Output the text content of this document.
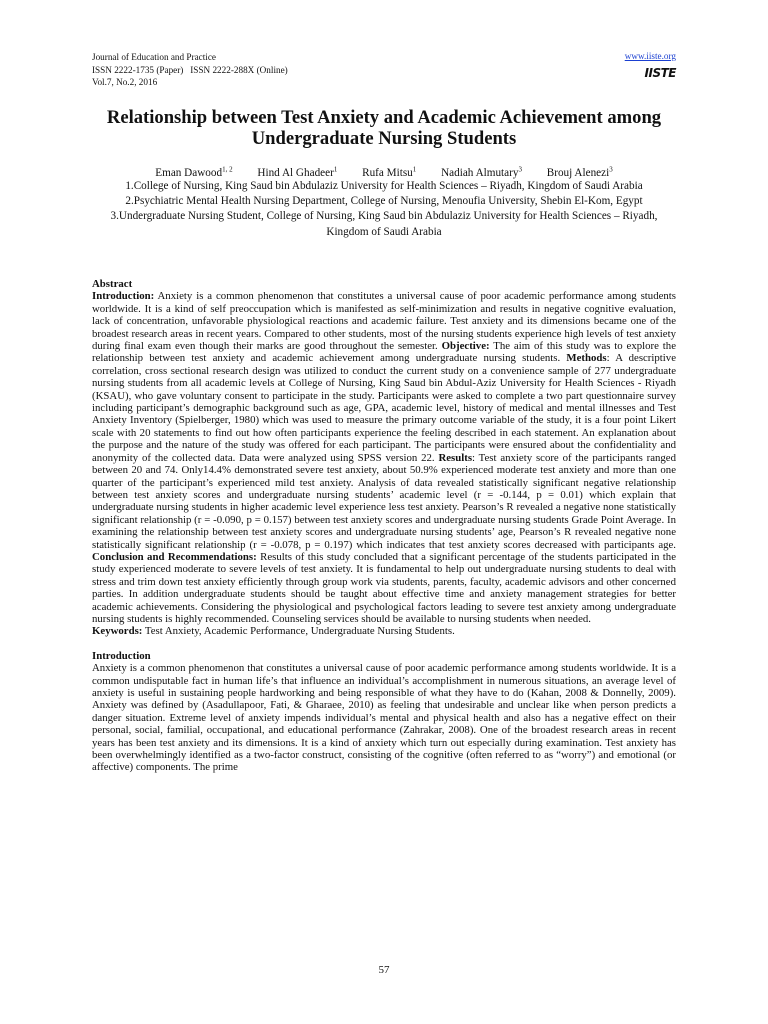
Journal of Education and Practice
ISSN 2222-1735 (Paper)   ISSN 2222-288X (Online)
Vol.7, No.2, 2016
www.iiste.org
IISTE
Relationship between Test Anxiety and Academic Achievement among Undergraduate Nursing Students
Eman Dawood$^{1, 2}$ Hind Al Ghadeer$^1$ Rufa Mitsu$^1$ Nadiah Almutary$^3$ Brouj Alenezi$^3$
1.College of Nursing, King Saud bin Abdulaziz University for Health Sciences – Riyadh, Kingdom of Saudi Arabia
2.Psychiatric Mental Health Nursing Department, College of Nursing, Menoufia University, Shebin El-Kom, Egypt
3.Undergraduate Nursing Student, College of Nursing, King Saud bin Abdulaziz University for Health Sciences – Riyadh, Kingdom of Saudi Arabia

Abstract

Introduction: Anxiety is a common phenomenon that constitutes a universal cause of poor academic performance among students worldwide. It is a kind of self preoccupation which is manifested as self-minimization and results in negative cognitive evaluation, lack of concentration, unfavorable physiological reactions and academic failure. Test anxiety and its dimensions became one of the broadest research areas in recent years. Compared to other students, most of the nursing students experience high levels of test anxiety during final exam even though their marks are good throughout the semester. Objective: The aim of this study was to explore the relationship between test anxiety and academic achievement among undergraduate nursing students. Methods: A descriptive correlation, cross sectional research design was utilized to conduct the current study on a convenience sample of 277 undergraduate nursing students from all academic levels at College of Nursing, King Saud bin Abdul-Aziz University for Health Sciences - Riyadh (KSAU), who gave voluntary consent to participate in the study. Participants were asked to complete a two part questionnaire survey including participant’s demographic background such as age, GPA, academic level, history of medical and mental illnesses and Test Anxiety Inventory (Spielberger, 1980) which was used to measure the primary outcome variable of the study, it is a four point Likert scale with 20 statements to find out how often participants experience the feeling described in each statement. An explanation about the purpose and the nature of the study was offered for each participant. The participants were ensured about the confidentiality and anonymity of the collected data. Data were analyzed using SPSS version 22. Results: Test anxiety score of the participants ranged between 20 and 74. Only14.4% demonstrated severe test anxiety, about 50.9% experienced moderate test anxiety and more than one quarter of the participant’s experienced mild test anxiety. Analysis of data revealed statistically significant negative relationship between test anxiety scores and undergraduate nursing students’ academic level (r = -0.144, p = 0.01) which explain that undergraduate nursing students in higher academic level experience less test anxiety. Pearson’s R revealed a negative none statistically significant relationship (r = -0.090, p = 0.157) between test anxiety scores and undergraduate nursing students Grade Point Average. In examining the relationship between test anxiety scores and undergraduate nursing students’ age, Pearson’s R revealed negative none statistically significant relationship (r = -0.078, p = 0.197) which indicates that test anxiety scores decreased with participants age. Conclusion and Recommendations: Results of this study concluded that a significant percentage of the students participated in the study experienced moderate to severe levels of test anxiety. It is fundamental to help out undergraduate nursing students to deal with stress and trim down test anxiety efficiently through group work via students, parents, faculty, academic advisors and other concerned parties. In addition undergraduate students should be taught about effective time and anxiety management strategies for better academic achievements. Considering the physiological and psychological factors leading to severe test anxiety among undergraduate nursing students is highly recommended. Counseling services should be available to nursing students when needed.

Keywords: Test Anxiety, Academic Performance, Undergraduate Nursing Students.

Introduction

Anxiety is a common phenomenon that constitutes a universal cause of poor academic performance among students worldwide. It is a common undisputable fact in human life’s that influence an individual’s accomplishment in numerous situations, an average level of anxiety is useful in sustaining people hardworking and being responsible of what they have to do (Kahan, 2008 & Donnelly, 2009). Anxiety was defined by (Asadullapoor, Fati, & Gharaee, 2010) as feeling that undesirable and unclear like when person predicts a danger situation. Extreme level of anxiety impends individual’s mental and physical health and also has a negative effect on their personal, social, familial, occupational, and educational performance (Zahrakar, 2008). One of the broadest research areas in recent years has been test anxiety and its dimensions. It is a kind of anxiety which turn out especially during examination. Test anxiety has been overwhelmingly identified as a two-factor construct, consisting of the cognitive (often referred to as “worry”) and emotional (or affective) components. The prime

57
